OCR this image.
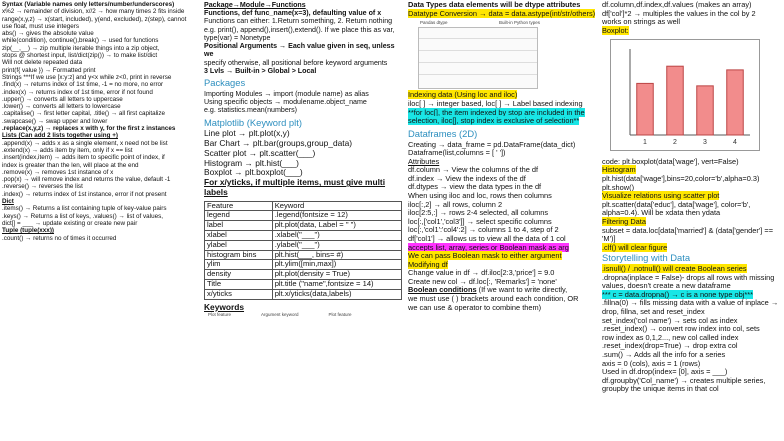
Syntax (Variable names only letters/number/underscores)
x%2 → remainder of division, x//2 → how many times 2 fits inside
range(x,y,z) → x(start, included), y(end, excluded), z(step), cannot use float, must use integers
abs() → gives the absolute value
while(condition), continue(),break() → used for functions
zip(__,__) → zip multiple iterable things into a zip object,
stops @ shortest input, list/dict(zip()) → to make list/dict
Will not delete repeated data
print(f{ value }) → Formatted print
Strings ***If we use [x:y:z] and y<x while z<0, print in reverse
.find(x) → returns index of 1st time, -1 = no more, no error
.index(x) → returns index of 1st time, error if not found
.upper() → converts all letters to uppercase
.lower() → converts all letters to lowercase
.capitalise() → first letter capital, .title() → all first capitalize
.swapcase() → swap upper and lower
.replace(x,y,z) → replaces x with y, for the first z instances
Lists (Can add 2 lists together using +)
.append(x) → adds x as a single element, x need not be list
.extend(x) → adds item by item, only if x == list
.insert(index,item) → adds item to specific point of index, if
index is greater than the len, will place at the end
.remove(x) → removes 1st instance of x
.pop(x) → will remove index and returns the value, default -1
.reverse() → reverses the list
.index() → returns index of 1st instance, error if not present
Dict
.items() → Returns a list containing tuple of key-value pairs
.keys() → Returns a list of keys, .values() → list of values,
dict[] = ___ → update existing or create new pair
Tuple (tuple(xxx))
.count() → returns no of times it occurred
Package→Module→Functions
Functions, def func_name(x=3), defaulting value of x
Functions can either: 1.Return something, 2. Return nothing
e.g. print(), append(),insert(),extend(). If we place this as var,
type(var) = Nonetype
Positional Arguments → Each value given in seq, unless we
specify otherwise, all positional before keyword arguments
3 Lvls → Built-in > Global > Local
Packages
Importing Modules → import (module name) as alias
Using specific objects → modulename.object_name
e.g. statistics.mean(numbers)
Matplotlib (Keyword plt)
Line plot → plt.plot(x,y)
Bar Chart → plt.bar(groups,group_data)
Scatter plot → plt.scatter(___)
Histogram → plt.hist(___)
Boxplot → plt.boxplot(___)
For x/yticks, if multiple items, must give multi labels
Feature	Keyword
legend	.legend(fontsize = 12)
label	plt.plot(data, Label = " ")
xlabel	.xlabel("___")
ylabel	.ylabel("___")
histogram bins	plt.hist(___, bins= #)
ylim	plt.ylim([min,max])
density	plt.plot(density = True)
Title	plt.title ("name",fontsize = 14)
x/yticks	plt.x/yticks(data,labels)
Keywords
Plot feature	Argument keyword	Plot feature
Data Types data elements will be dtype attributes
Datatype Conversion → data = data.astype(int/str/others)
Pandas dtype	Built-in Python types
Indexing data (Using loc and iloc)
iloc[ ] → integer based, loc[ ] → Label based indexing
**for loc[], the item indexed by stop are included in the
selection, iloc[], stop index is exclusive of selection**
Dataframes (2D)
Creating → data_frame = pd.DataFrame(data_dict)
Dataframe(list,columns = [ ' '])
Attributes
df.column → View the columns of the df
df.index → View the indexs of the df
df.dtypes → view the data types in the df
When using iloc and loc, rows then columns
iloc[:,2] → all rows, column 2
iloc[2:5,:] → rows 2-4 selected, all columns
loc[:,['col1','col3']] → select specific columns
loc[:,'col1':'col4':2] → columns 1 to 4, step of 2
df['col1'] → allows us to view all the data of 1 col
accepts list, array, series or Boolean mask as arg
We can pass Boolean mask to either argument
Modifying df
Change value in df → df.iloc[2:3,'price'] = 9.0
Create new col → df.loc[:, 'Remarks'] = 'none'
Boolean conditions (If we want to write directly,
we must use ( ) brackets around each condition, OR
we can use & operator to combine them)
df.column,df.index,df.values (makes an array)
df['col']*2 → multiples the values in the col by 2
works on strings as well
Boxplot:
1	2	3	4
code: plt.boxplot(data['wage'], vert=False)
Histogram
plt.hist(data['wage'],bins=20,color='b',alpha=0.3)
plt.show()
Visualize relations using scatter plot
plt.scatter(data['educ'], data['wage'], color='b', alpha=0.4). Will be xdata then ydata
Filtering Data
subset = data.loc[data['married'] & (data['gender'] == 'M')]
.clf() will clear figure
Storytelling with Data
.isnull() / .notnull() will create Boolean series
.dropna(inplace = False)- drops all rows with missing values, doesn't create a new dataframe
*** c = data.dropna() → c is a none type obj***
.fillna(0) → fills missing data with a value of inplace → drop, fillna, set and reset_index
set_index('col name') → sets col as index
.reset_index() → convert row index into col, sets
row index as 0,1,2..., new col called index
.reset_index(drop=True) → drop extra col
.sum() → Adds all the info for a series
axis = 0 (cols), axis = 1 (rows)
Used in df.drop(index= [0], axis = ___)
df.groupby('Col_name') → creates multiple series,
groupby the unique items in that col
